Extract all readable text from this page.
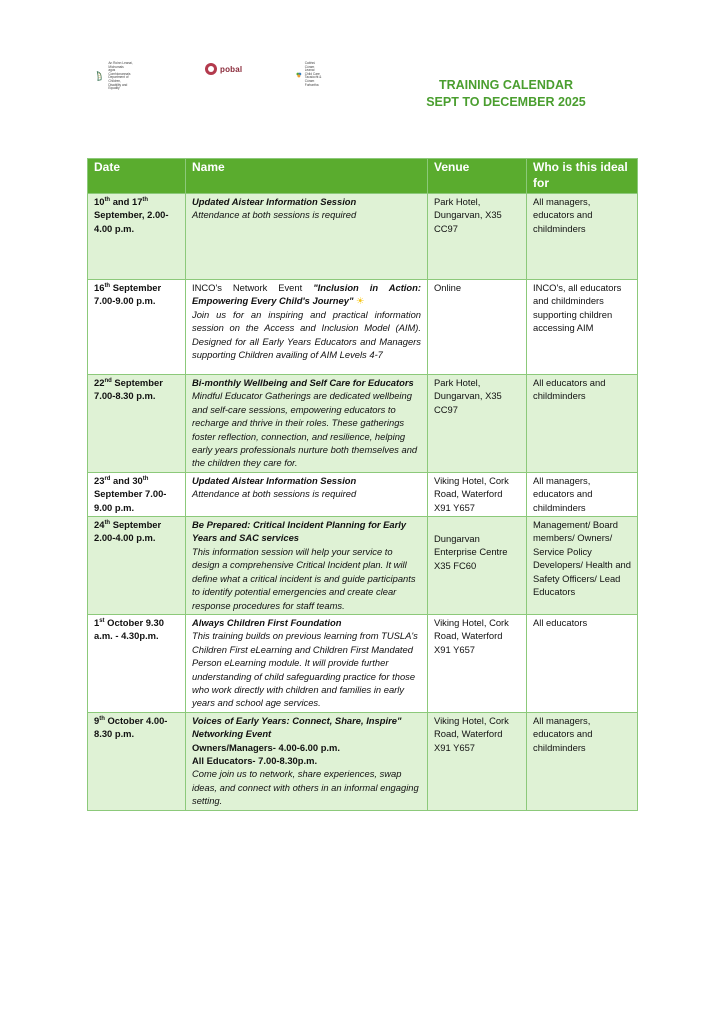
An Roinn Leanaí, Míchumais
agus Comhionannais
Department of Children,
Disability and Equality
pobal
Cabhrú Cúram Leanaí
Child Care
Tacaíocht & Cúram Forbartha	TRAINING CALENDAR
SEPT TO DECEMBER 2025
Date	Name	Venue	Who is this ideal for
10th and 17th September, 2.00-4.00 p.m.	Updated Aistear Information Session
Attendance at both sessions is required	Park Hotel, Dungarvan, X35 CC97	All managers, educators and childminders
16th September 7.00-9.00 p.m.	INCO's Network Event "Inclusion in Action: Empowering Every Child's Journey" ☀
Join us for an inspiring and practical information session on the Access and Inclusion Model (AIM). Designed for all Early Years Educators and Managers supporting Children availing of AIM Levels 4-7	Online	INCO's, all educators and childminders supporting children accessing AIM
22nd September 7.00-8.30 p.m.	Bi-monthly Wellbeing and Self Care for Educators
Mindful Educator Gatherings are dedicated wellbeing and self-care sessions, empowering educators to recharge and thrive in their roles. These gatherings foster reflection, connection, and resilience, helping early years professionals nurture both themselves and the children they care for.	Park Hotel, Dungarvan, X35 CC97	All educators and childminders
23rd and 30th September 7.00-9.00 p.m.	Updated Aistear Information Session
Attendance at both sessions is required	Viking Hotel, Cork Road, Waterford X91 Y657	All managers, educators and childminders
24th September 2.00-4.00 p.m.	Be Prepared: Critical Incident Planning for Early Years and SAC services
This information session will help your service to design a comprehensive Critical Incident plan. It will define what a critical incident is and guide participants to identify potential emergencies and create clear response procedures for staff teams.	Dungarvan Enterprise Centre X35 FC60	Management/ Board members/ Owners/ Service Policy Developers/ Health and Safety Officers/ Lead Educators
1st October 9.30 a.m. - 4.30p.m.	Always Children First Foundation
This training builds on previous learning from TUSLA's Children First eLearning and Children First Mandated Person eLearning module. It will provide further understanding of child safeguarding practice for those who work directly with children and families in early years and school age services.	Viking Hotel, Cork Road, Waterford X91 Y657	All educators
9th October 4.00-8.30 p.m.	Voices of Early Years: Connect, Share, Inspire" Networking Event
Owners/Managers- 4.00-6.00 p.m.
All Educators- 7.00-8.30p.m.
Come join us to network, share experiences, swap ideas, and connect with others in an informal engaging setting.	Viking Hotel, Cork Road, Waterford X91 Y657	All managers, educators and childminders
